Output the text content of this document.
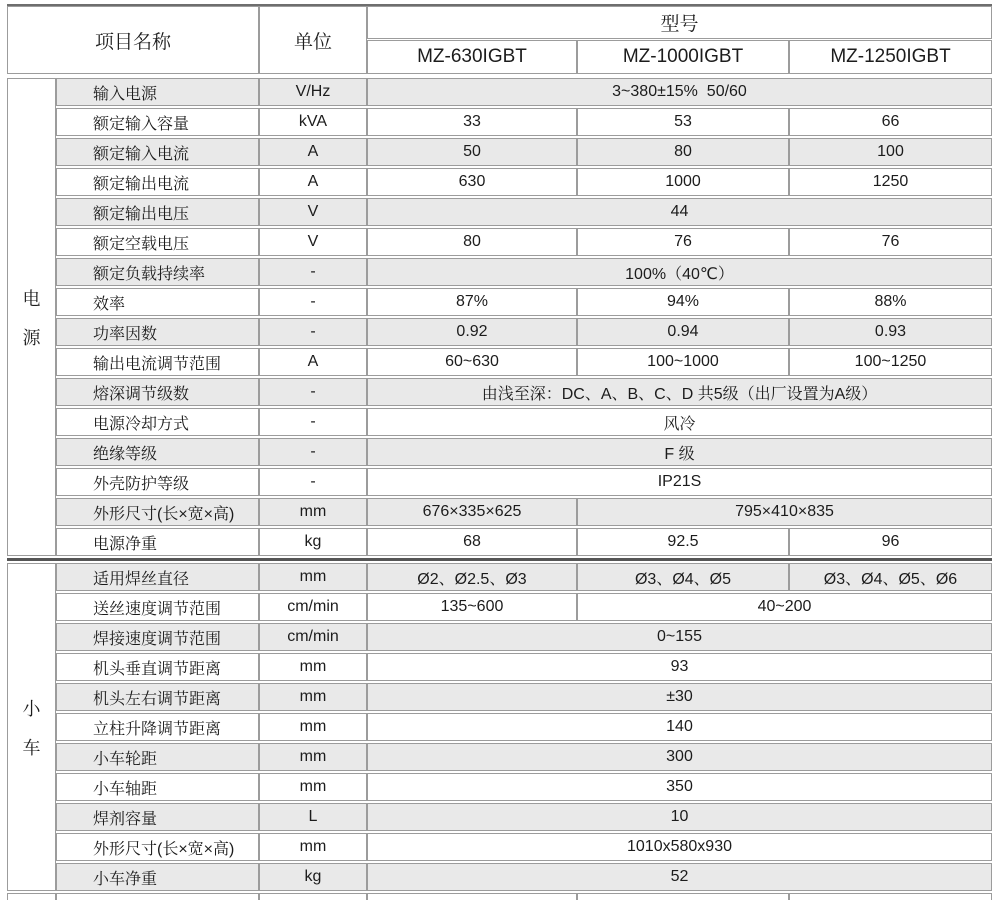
项目名称	单位
型号
MZ-630IGBT	MZ-1000IGBT	MZ-1250IGBT
电
源
输入电源	V/Hz	3~380±15%  50/60
额定输入容量	kVA	33	53	66
额定输入电流	A	50	80	100
额定输出电流	A	630	1000	1250
额定输出电压	V	44
额定空载电压	V	80	76	76
额定负载持续率	-	100%（40℃）
效率	-	87%	94%	88%
功率因数	-	0.92	0.94	0.93
输出电流调节范围	A	60~630	100~1000	100~1250
熔深调节级数	-	由浅至深：DC、A、B、C、D 共5级（出厂设置为A级）
电源冷却方式	-	风冷
绝缘等级	-	F 级
外壳防护等级	-	IP21S
外形尺寸(长×宽×高)	mm	676×335×625	795×410×835
电源净重	kg	68	92.5	96
小
车
适用焊丝直径	mm	Ø2、Ø2.5、Ø3	Ø3、Ø4、Ø5	Ø3、Ø4、Ø5、Ø6
送丝速度调节范围	cm/min	135~600	40~200
焊接速度调节范围	cm/min	0~155
机头垂直调节距离	mm	93
机头左右调节距离	mm	±30
立柱升降调节距离	mm	140
小车轮距	mm	300
小车轴距	mm	350
焊剂容量	L	10
外形尺寸(长×宽×高)	mm	1010x580x930
小车净重	kg	52
